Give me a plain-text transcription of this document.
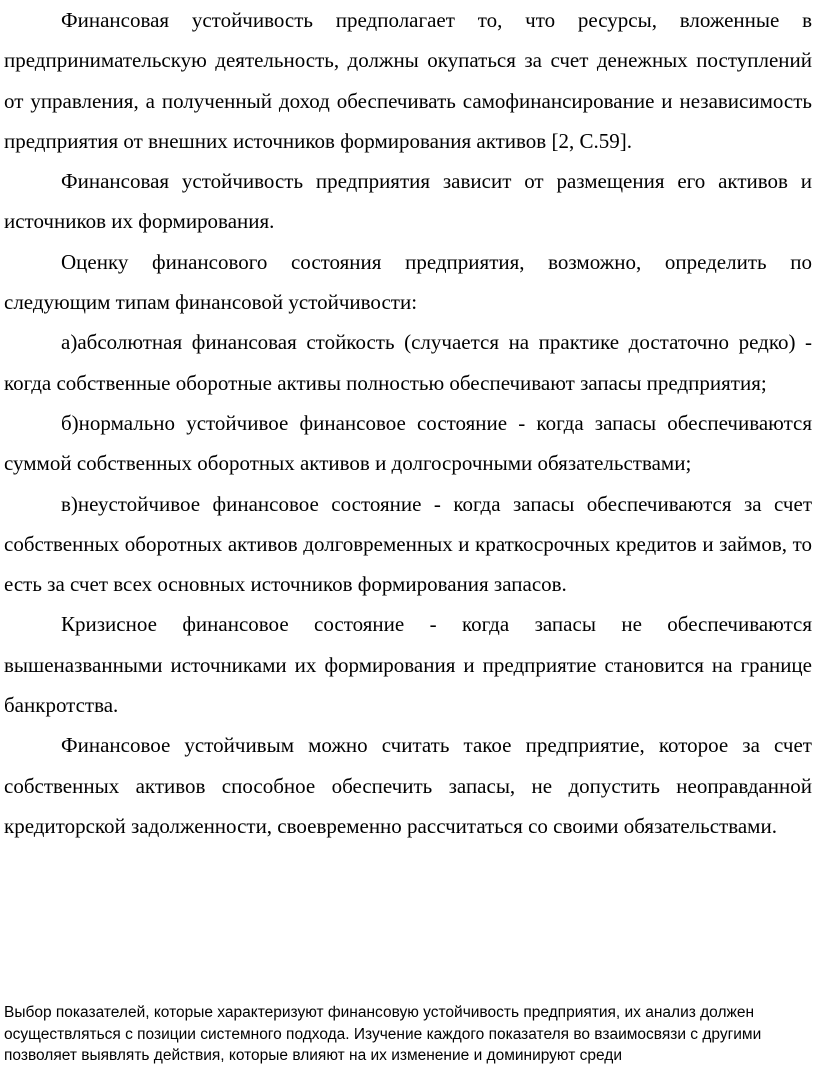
Финансовая устойчивость предполагает то, что ресурсы, вложенные в предпринимательскую деятельность, должны окупаться за счет денежных поступлений от управления, а полученный доход обеспечивать самофинансирование и независимость предприятия от внешних источников формирования активов [2, С.59].

Финансовая устойчивость предприятия зависит от размещения его активов и источников их формирования.

Оценку финансового состояния предприятия, возможно, определить по следующим типам финансовой устойчивости:

а)абсолютная финансовая стойкость (случается на практике достаточно редко) - когда собственные оборотные активы полностью обеспечивают запасы предприятия;

б)нормально устойчивое финансовое состояние - когда запасы обеспечиваются суммой собственных оборотных активов и долгосрочными обязательствами;

в)неустойчивое финансовое состояние - когда запасы обеспечиваются за счет собственных оборотных активов долговременных и краткосрочных кредитов и займов, то есть за счет всех основных источников формирования запасов.

Кризисное финансовое состояние - когда запасы не обеспечиваются вышеназванными источниками их формирования и предприятие становится на границе банкротства.

Финансовое устойчивым можно считать такое предприятие, которое за счет собственных активов способное обеспечить запасы, не допустить неоправданной кредиторской задолженности, своевременно рассчитаться со своими обязательствами.

Выбор показателей, которые характеризуют финансовую устойчивость предприятия, их анализ должен осуществляться с позиции системного подхода. Изучение каждого показателя во взаимосвязи с другими позволяет выявлять действия, которые влияют на их изменение и доминируют среди
